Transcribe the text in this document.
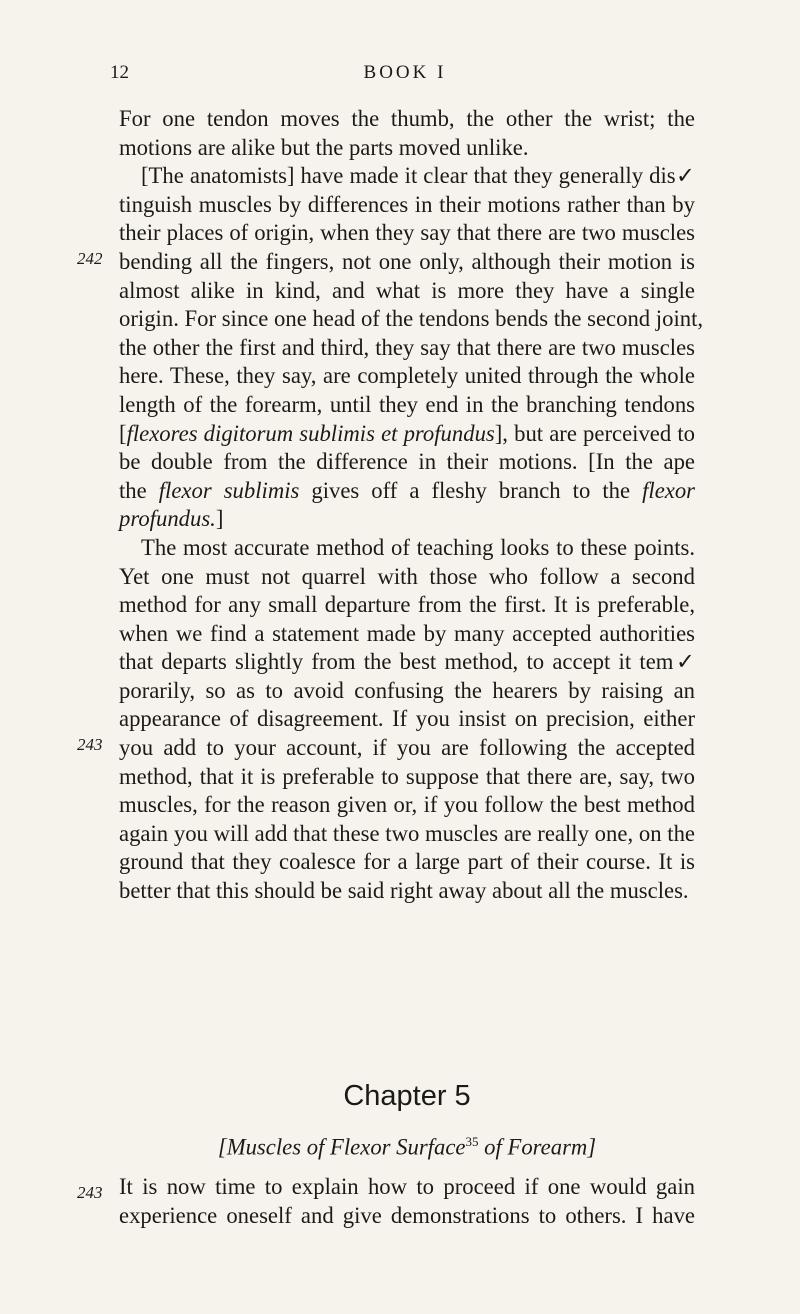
12	BOOK I
242
243
243
For one tendon moves the thumb, the other the wrist; the
motions are alike but the parts moved unlike.
[The anatomists] have made it clear that they generally dis✓
tinguish muscles by differences in their motions rather than by
their places of origin, when they say that there are two muscles
bending all the fingers, not one only, although their motion is
almost alike in kind, and what is more they have a single
origin. For since one head of the tendons bends the second joint,
the other the first and third, they say that there are two muscles
here. These, they say, are completely united through the whole
length of the forearm, until they end in the branching tendons
[flexores digitorum sublimis et profundus], but are perceived to
be double from the difference in their motions. [In the ape
the flexor sublimis gives off a fleshy branch to the flexor
profundus.]
The most accurate method of teaching looks to these points.
Yet one must not quarrel with those who follow a second
method for any small departure from the first. It is preferable,
when we find a statement made by many accepted authorities
that departs slightly from the best method, to accept it tem✓
porarily, so as to avoid confusing the hearers by raising an
appearance of disagreement. If you insist on precision, either
you add to your account, if you are following the accepted
method, that it is preferable to suppose that there are, say, two
muscles, for the reason given or, if you follow the best method
again you will add that these two muscles are really one, on the
ground that they coalesce for a large part of their course. It is
better that this should be said right away about all the muscles.
Chapter 5
[Muscles of Flexor Surface$^{35}$ of Forearm]
It is now time to explain how to proceed if one would gain
experience oneself and give demonstrations to others. I have
